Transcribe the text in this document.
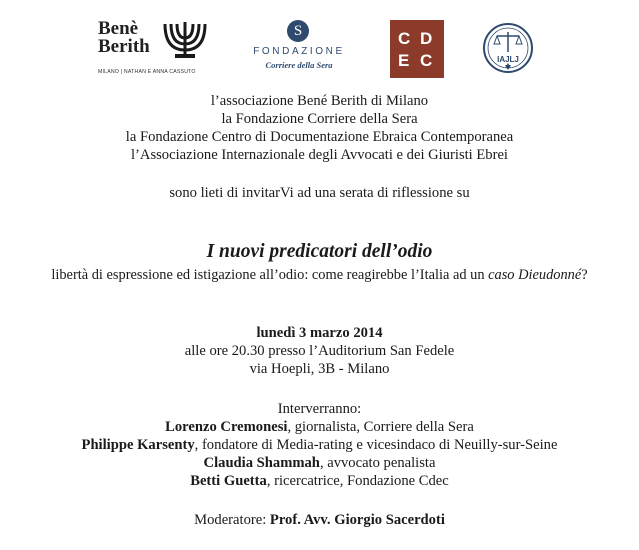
Benè
Berith
MILANO | NATHAN E ANNA CASSUTO
S
FONDAZIONE
Corriere della Sera
C D
E C	IAJLJ
l’associazione Bené Berith di Milano
la Fondazione Corriere della Sera
la Fondazione Centro di Documentazione Ebraica Contemporanea
l’Associazione Internazionale degli Avvocati e dei Giuristi Ebrei
sono lieti di invitarVi ad una serata di riflessione su
I nuovi predicatori dell’odio
libertà di espressione ed istigazione all’odio: come reagirebbe l’Italia ad un caso Dieudonné?
lunedì 3 marzo 2014
alle ore 20.30 presso l’Auditorium San Fedele
via Hoepli, 3B - Milano
Interverranno:
Lorenzo Cremonesi, giornalista, Corriere della Sera
Philippe Karsenty, fondatore di Media-rating e vicesindaco di Neuilly-sur-Seine
Claudia Shammah, avvocato penalista
Betti Guetta, ricercatrice, Fondazione Cdec
Moderatore: Prof. Avv. Giorgio Sacerdoti
